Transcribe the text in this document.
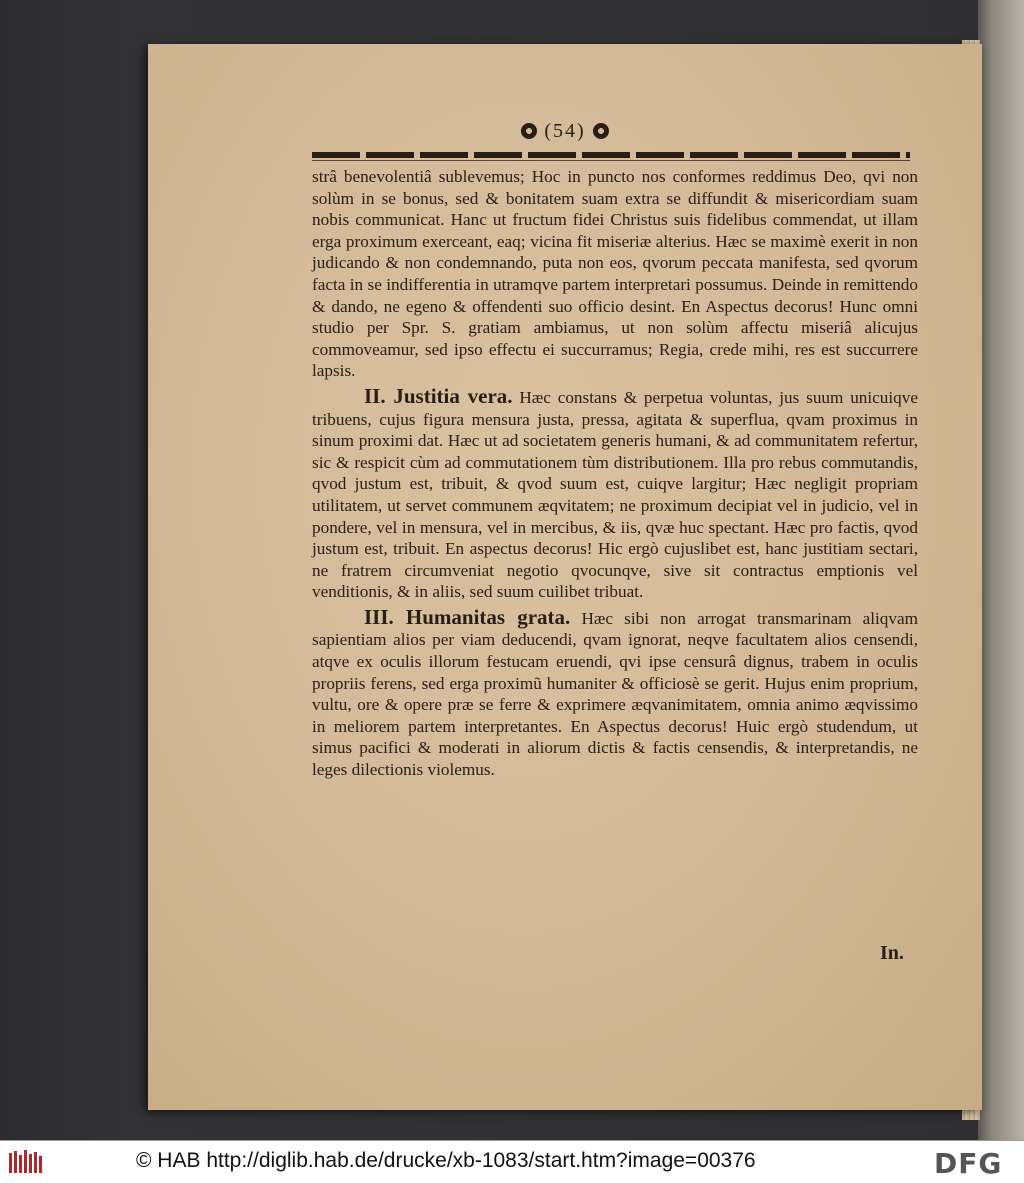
(54)

strâ benevolentiâ sublevemus; Hoc in puncto nos conformes reddimus Deo, qvi non solùm in se bonus, sed & bonitatem suam extra se diffundit & misericordiam suam nobis communicat. Hanc ut fructum fidei Christus suis fidelibus commendat, ut illam erga proximum exerceant, eaq; vicina fit miseriæ alterius. Hæc se maximè exerit in non judicando & non condemnando, puta non eos, qvorum peccata manifesta, sed qvorum facta in se indifferentia in utramqve partem interpretari possumus. Deinde in remittendo & dando, ne egeno & offendenti suo officio desint. En Aspectus decorus! Hunc omni studio per Spr. S. gratiam ambiamus, ut non solùm affectu miseriâ alicujus commoveamur, sed ipso effectu ei succurramus; Regia, crede mihi, res est succurrere lapsis.

II. Justitia vera. Hæc constans & perpetua voluntas, jus suum unicuiqve tribuens, cujus figura mensura justa, pressa, agitata & superflua, qvam proximus in sinum proximi dat. Hæc ut ad societatem generis humani, & ad communitatem refertur, sic & respicit cùm ad commutationem tùm distributionem. Illa pro rebus commutandis, qvod justum est, tribuit, & qvod suum est, cuiqve largitur; Hæc negligit propriam utilitatem, ut servet communem æqvitatem; ne proximum decipiat vel in judicio, vel in pondere, vel in mensura, vel in mercibus, & iis, qvæ huc spectant. Hæc pro factis, qvod justum est, tribuit. En aspectus decorus! Hic ergò cujuslibet est, hanc justitiam sectari, ne fratrem circumveniat negotio qvocunqve, sive sit contractus emptionis vel venditionis, & in aliis, sed suum cuilibet tribuat.

III. Humanitas grata. Hæc sibi non arrogat transmarinam aliqvam sapientiam alios per viam deducendi, qvam ignorat, neqve facultatem alios censendi, atqve ex oculis illorum festucam eruendi, qvi ipse censurâ dignus, trabem in oculis propriis ferens, sed erga proximũ humaniter & officiosè se gerit. Hujus enim proprium, vultu, ore & opere præ se ferre & exprimere æqvanimitatem, omnia animo æqvissimo in meliorem partem interpretantes. En Aspectus decorus! Huic ergò studendum, ut simus pacifici & moderati in aliorum dictis & factis censendis, & interpretandis, ne leges dilectionis violemus.

In.
© HAB http://diglib.hab.de/drucke/xb-1083/start.htm?image=00376	DFG
